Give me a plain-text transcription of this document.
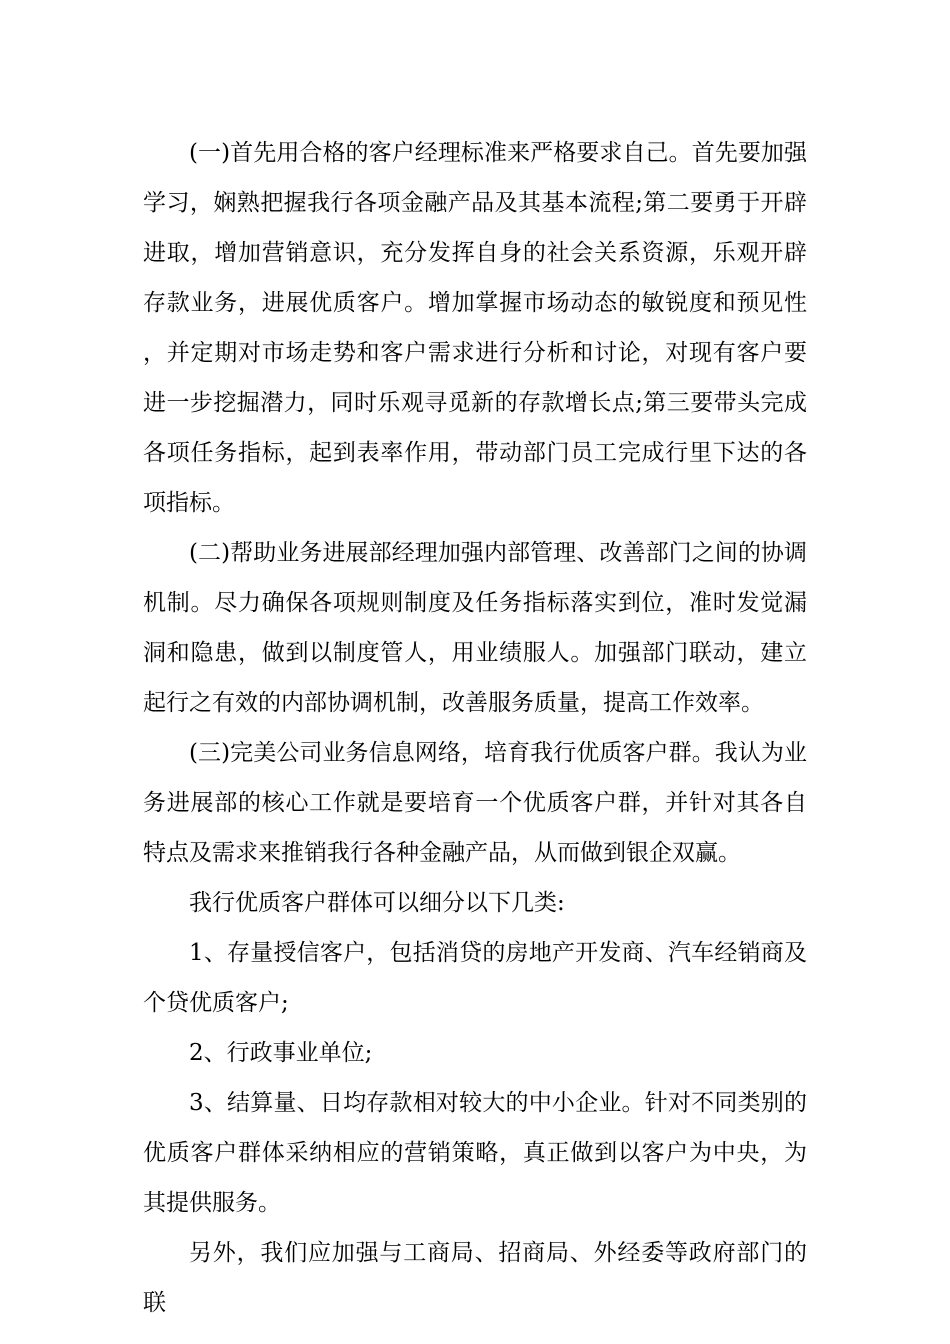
(一)首先用合格的客户经理标准来严格要求自己。首先要加强学习，娴熟把握我行各项金融产品及其基本流程;第二要勇于开辟进取，增加营销意识，充分发挥自身的社会关系资源，乐观开辟存款业务，进展优质客户。增加掌握市场动态的敏锐度和预见性，并定期对市场走势和客户需求进行分析和讨论，对现有客户要进一步挖掘潜力，同时乐观寻觅新的存款增长点;第三要带头完成各项任务指标，起到表率作用，带动部门员工完成行里下达的各项指标。

(二)帮助业务进展部经理加强内部管理、改善部门之间的协调机制。尽力确保各项规则制度及任务指标落实到位，准时发觉漏洞和隐患，做到以制度管人，用业绩服人。加强部门联动，建立起行之有效的内部协调机制，改善服务质量，提高工作效率。

(三)完美公司业务信息网络，培育我行优质客户群。我认为业务进展部的核心工作就是要培育一个优质客户群，并针对其各自特点及需求来推销我行各种金融产品，从而做到银企双赢。

我行优质客户群体可以细分以下几类:

1、存量授信客户，包括消贷的房地产开发商、汽车经销商及个贷优质客户;

2、行政事业单位;

3、结算量、日均存款相对较大的中小企业。针对不同类别的优质客户群体采纳相应的营销策略，真正做到以客户为中央，为其提供服务。

另外，我们应加强与工商局、招商局、外经委等政府部门的联
